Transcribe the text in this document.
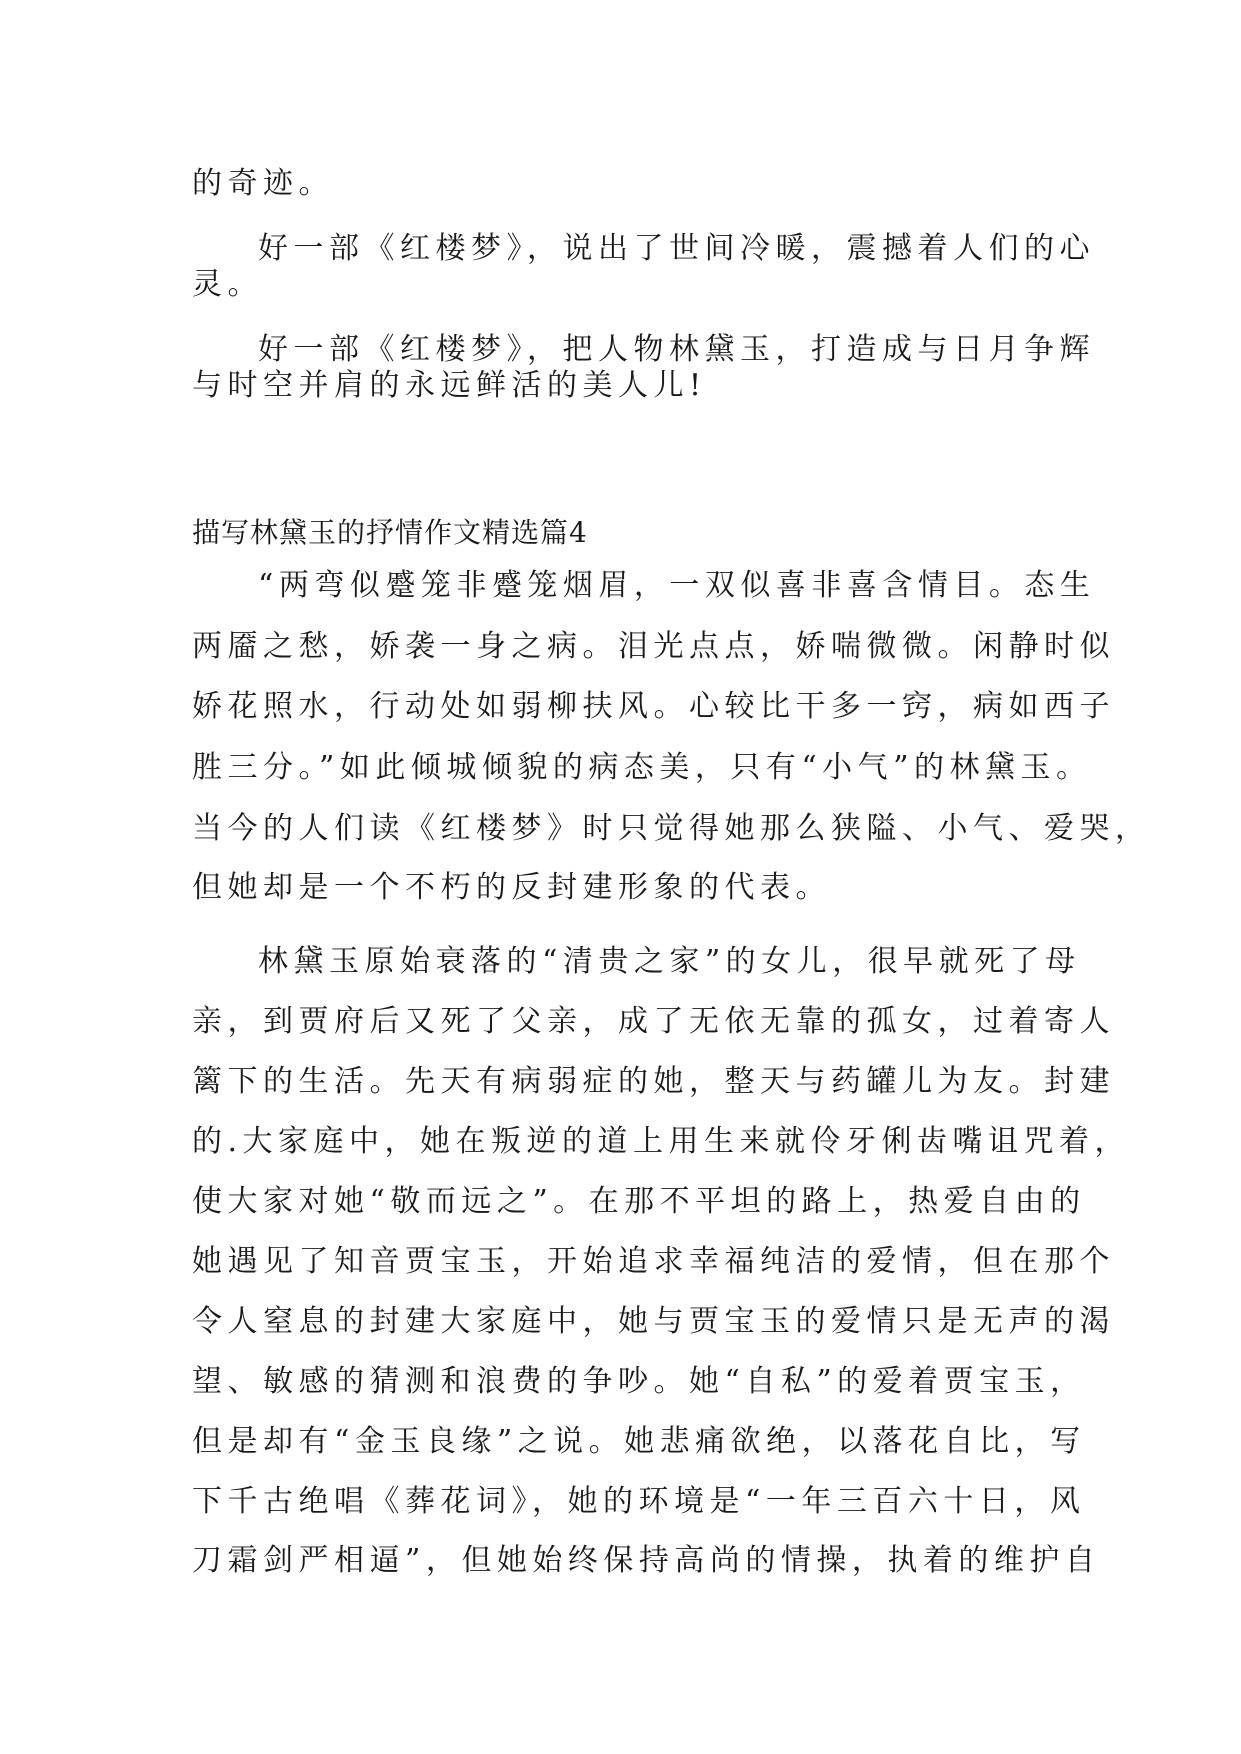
的奇迹。
好一部《红楼梦》，说出了世间冷暖，震撼着人们的心
灵。
好一部《红楼梦》，把人物林黛玉，打造成与日月争辉
与时空并肩的永远鲜活的美人儿!
描写林黛玉的抒情作文精选篇4
“两弯似蹙笼非蹙笼烟眉，一双似喜非喜含情目。态生
两靥之愁，娇袭一身之病。泪光点点，娇喘微微。闲静时似
娇花照水，行动处如弱柳扶风。心较比干多一窍，病如西子
胜三分。”如此倾城倾貌的病态美，只有“小气”的林黛玉。
当今的人们读《红楼梦》时只觉得她那么狭隘、小气、爱哭，
但她却是一个不朽的反封建形象的代表。
林黛玉原始衰落的“清贵之家”的女儿，很早就死了母
亲，到贾府后又死了父亲，成了无依无靠的孤女，过着寄人
篱下的生活。先天有病弱症的她，整天与药罐儿为友。封建
的.大家庭中，她在叛逆的道上用生来就伶牙俐齿嘴诅咒着，
使大家对她“敬而远之”。在那不平坦的路上，热爱自由的
她遇见了知音贾宝玉，开始追求幸福纯洁的爱情，但在那个
令人窒息的封建大家庭中，她与贾宝玉的爱情只是无声的渴
望、敏感的猜测和浪费的争吵。她“自私”的爱着贾宝玉，
但是却有“金玉良缘”之说。她悲痛欲绝，以落花自比，写
下千古绝唱《葬花词》，她的环境是“一年三百六十日，风
刀霜剑严相逼”，但她始终保持高尚的情操，执着的维护自
